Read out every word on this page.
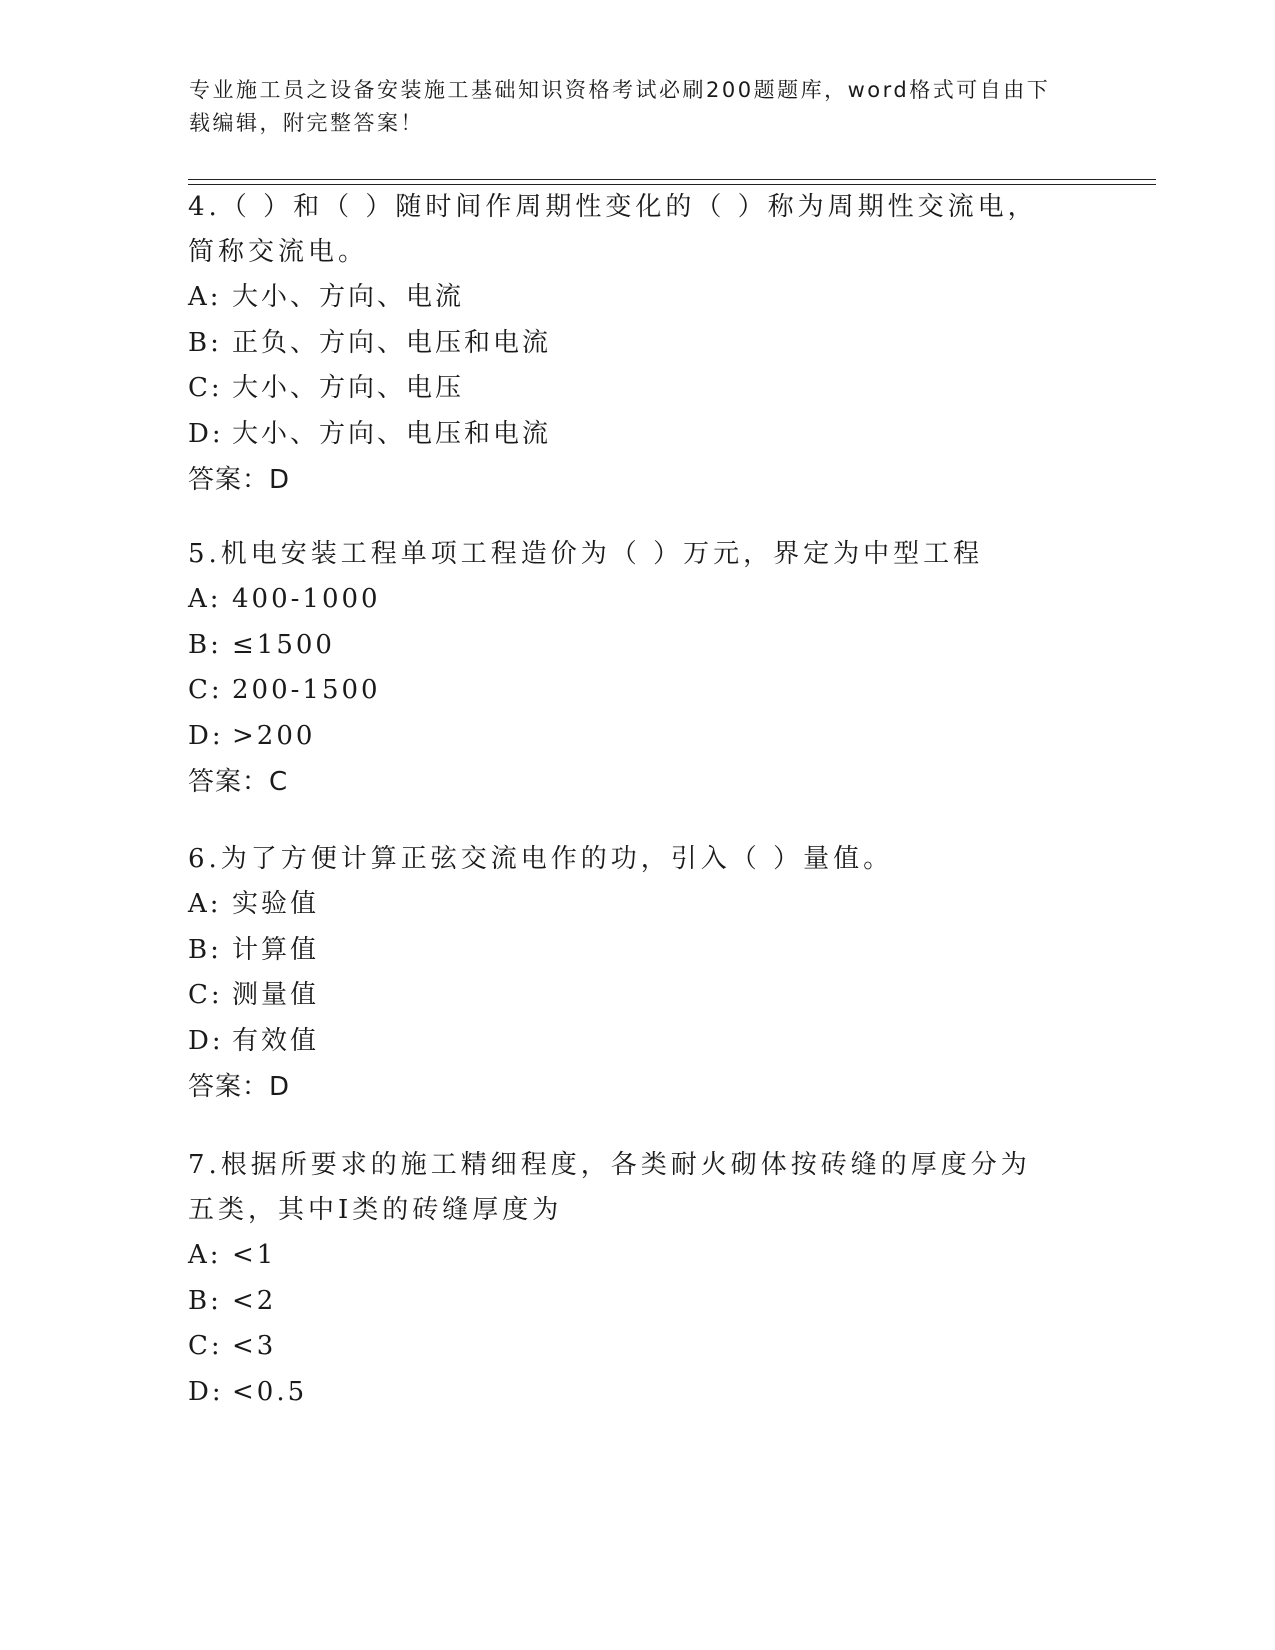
专业施工员之设备安装施工基础知识资格考试必刷200题题库，word格式可自由下载编辑，附完整答案！
4.（ ）和（ ）随时间作周期性变化的（ ）称为周期性交流电，简称交流电。
A: 大小、方向、电流
B: 正负、方向、电压和电流
C: 大小、方向、电压
D: 大小、方向、电压和电流
答案：D
5.机电安装工程单项工程造价为（ ）万元，界定为中型工程
A: 400-1000
B: ≤1500
C: 200-1500
D: >200
答案：C
6.为了方便计算正弦交流电作的功，引入（ ）量值。
A: 实验值
B: 计算值
C: 测量值
D: 有效值
答案：D
7.根据所要求的施工精细程度，各类耐火砌体按砖缝的厚度分为五类，其中Ⅰ类的砖缝厚度为
A: <1
B: <2
C: <3
D: <0.5
